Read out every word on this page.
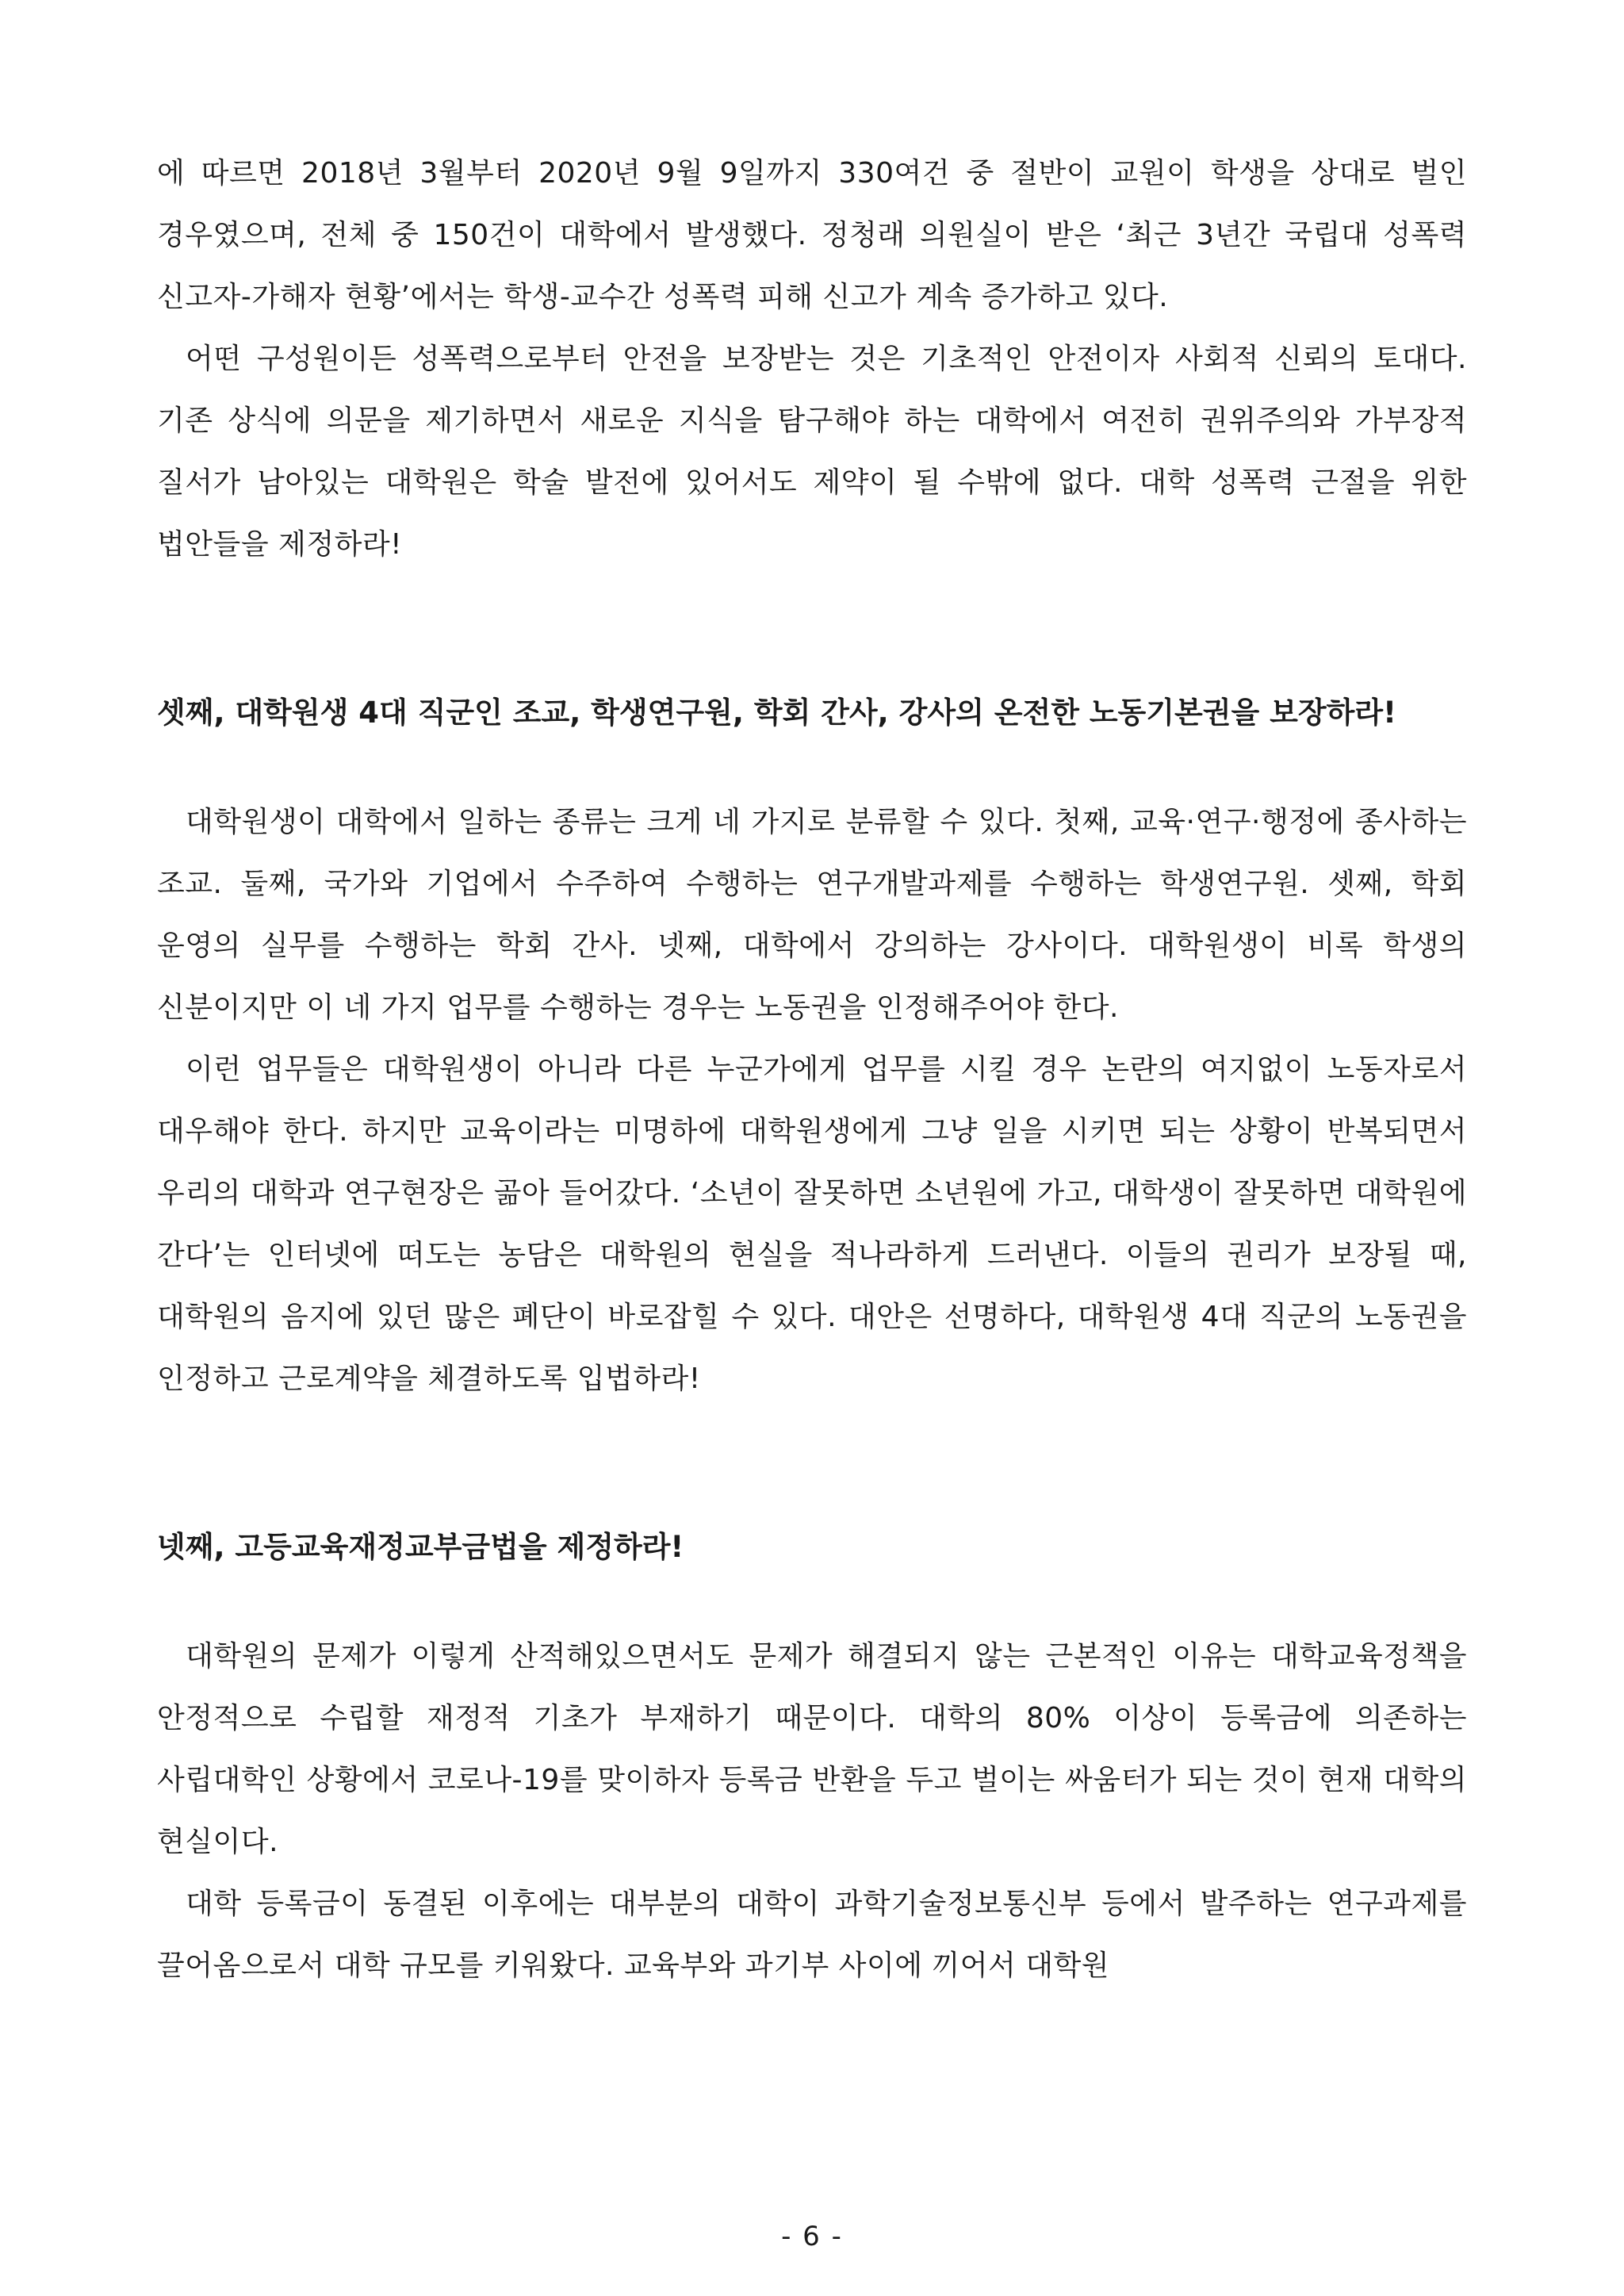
에 따르면 2018년 3월부터 2020년 9월 9일까지 330여건 중 절반이 교원이 학생을 상대로 벌인 경우였으며, 전체 중 150건이 대학에서 발생했다. 정청래 의원실이 받은 ‘최근 3년간 국립대 성폭력 신고자-가해자 현황’에서는 학생-교수간 성폭력 피해 신고가 계속 증가하고 있다.

어떤 구성원이든 성폭력으로부터 안전을 보장받는 것은 기초적인 안전이자 사회적 신뢰의 토대다. 기존 상식에 의문을 제기하면서 새로운 지식을 탐구해야 하는 대학에서 여전히 권위주의와 가부장적 질서가 남아있는 대학원은 학술 발전에 있어서도 제약이 될 수밖에 없다. 대학 성폭력 근절을 위한 법안들을 제정하라!

셋째, 대학원생 4대 직군인 조교, 학생연구원, 학회 간사, 강사의 온전한 노동기본권을 보장하라!

대학원생이 대학에서 일하는 종류는 크게 네 가지로 분류할 수 있다. 첫째, 교육·연구·행정에 종사하는 조교. 둘째, 국가와 기업에서 수주하여 수행하는 연구개발과제를 수행하는 학생연구원. 셋째, 학회 운영의 실무를 수행하는 학회 간사. 넷째, 대학에서 강의하는 강사이다. 대학원생이 비록 학생의 신분이지만 이 네 가지 업무를 수행하는 경우는 노동권을 인정해주어야 한다.

이런 업무들은 대학원생이 아니라 다른 누군가에게 업무를 시킬 경우 논란의 여지없이 노동자로서 대우해야 한다. 하지만 교육이라는 미명하에 대학원생에게 그냥 일을 시키면 되는 상황이 반복되면서 우리의 대학과 연구현장은 곪아 들어갔다. ‘소년이 잘못하면 소년원에 가고, 대학생이 잘못하면 대학원에 간다’는 인터넷에 떠도는 농담은 대학원의 현실을 적나라하게 드러낸다. 이들의 권리가 보장될 때, 대학원의 음지에 있던 많은 폐단이 바로잡힐 수 있다. 대안은 선명하다, 대학원생 4대 직군의 노동권을 인정하고 근로계약을 체결하도록 입법하라!

넷째, 고등교육재정교부금법을 제정하라!

대학원의 문제가 이렇게 산적해있으면서도 문제가 해결되지 않는 근본적인 이유는 대학교육정책을 안정적으로 수립할 재정적 기초가 부재하기 때문이다. 대학의 80% 이상이 등록금에 의존하는 사립대학인 상황에서 코로나-19를 맞이하자 등록금 반환을 두고 벌이는 싸움터가 되는 것이 현재 대학의 현실이다.

대학 등록금이 동결된 이후에는 대부분의 대학이 과학기술정보통신부 등에서 발주하는 연구과제를 끌어옴으로서 대학 규모를 키워왔다. 교육부와 과기부 사이에 끼어서 대학원

- 6 -
